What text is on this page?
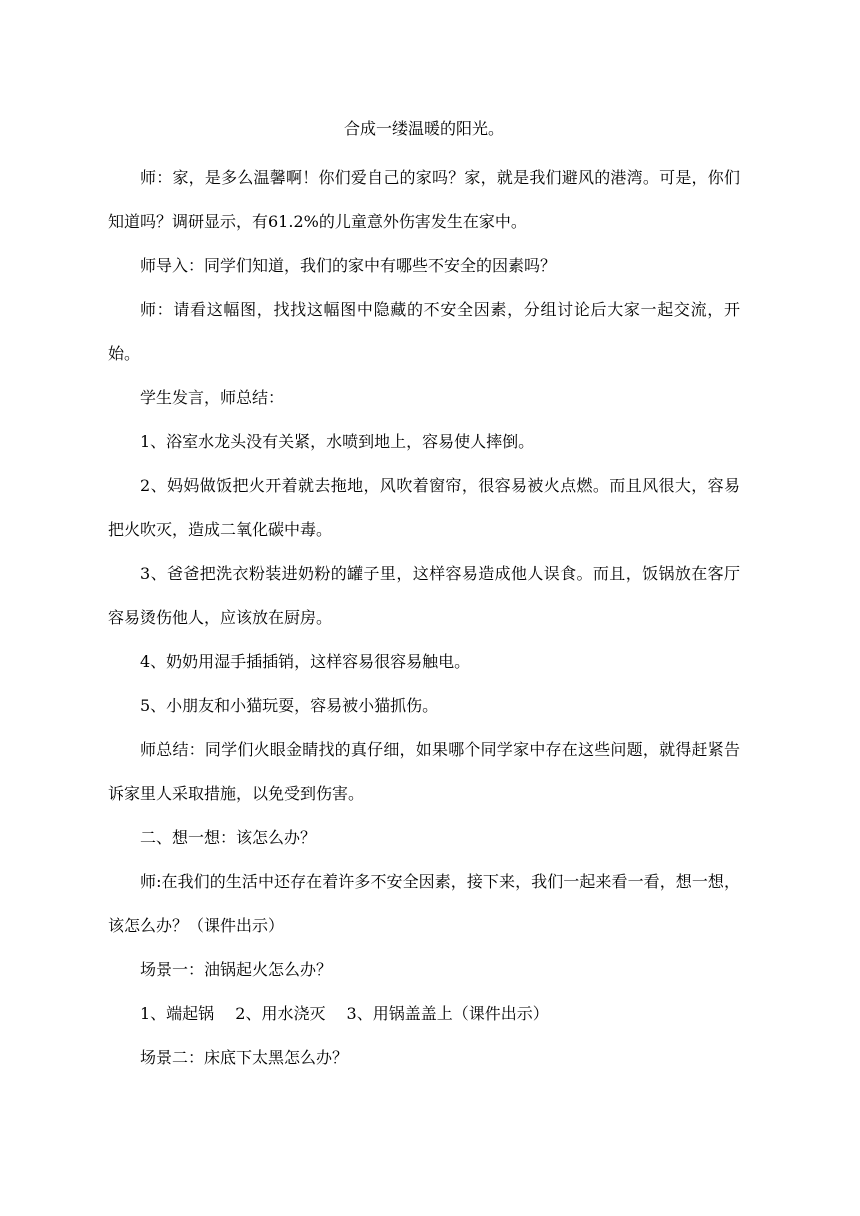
合成一缕温暖的阳光。

师：家，是多么温馨啊！你们爱自己的家吗？家，就是我们避风的港湾。可是，你们知道吗？调研显示，有61.2%的儿童意外伤害发生在家中。

师导入：同学们知道，我们的家中有哪些不安全的因素吗？

师：请看这幅图，找找这幅图中隐藏的不安全因素，分组讨论后大家一起交流，开始。

学生发言，师总结：

1、浴室水龙头没有关紧，水喷到地上，容易使人摔倒。

2、妈妈做饭把火开着就去拖地，风吹着窗帘，很容易被火点燃。而且风很大，容易把火吹灭，造成二氧化碳中毒。

3、爸爸把洗衣粉装进奶粉的罐子里，这样容易造成他人误食。而且，饭锅放在客厅容易烫伤他人，应该放在厨房。

4、奶奶用湿手插插销，这样容易很容易触电。

5、小朋友和小猫玩耍，容易被小猫抓伤。

师总结：同学们火眼金睛找的真仔细，如果哪个同学家中存在这些问题，就得赶紧告诉家里人采取措施，以免受到伤害。

二、想一想：该怎么办？

师:在我们的生活中还存在着许多不安全因素，接下来，我们一起来看一看，想一想，该怎么办？（课件出示）

场景一：油锅起火怎么办？

1、端起锅　 2、用水浇灭　 3、用锅盖盖上（课件出示）

场景二：床底下太黑怎么办？
